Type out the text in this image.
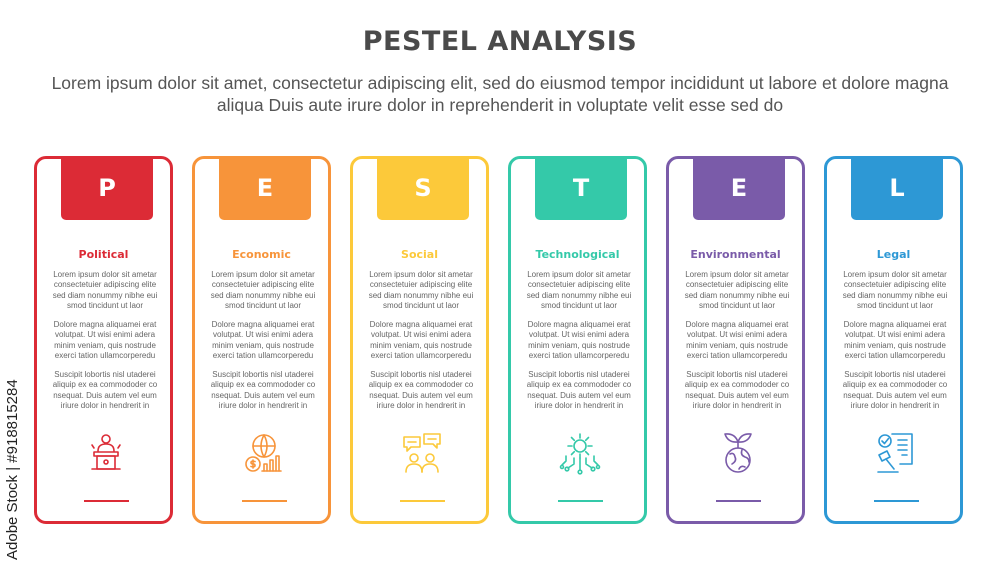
PESTEL ANALYSIS
Lorem ipsum dolor sit amet, consectetur adipiscing elit, sed do eiusmod tempor incididunt ut labore et dolore magna aliqua Duis aute irure dolor in reprehenderit in voluptate velit esse sed do
Adobe Stock | #918815284
P
Political
Lorem ipsum dolor sit ametar consectetuier adipiscing elite sed diam nonummy nibhe eui smod tincidunt ut laor
Dolore magna aliquamei erat volutpat. Ut wisi enimi adera minim veniam, quis nostrude exerci tation ullamcorperedu
Suscipit lobortis nisl utaderei aliquip ex ea commododer co nsequat. Duis autem vel eum iriure dolor in hendrerit in
E
Economic
Lorem ipsum dolor sit ametar consectetuier adipiscing elite sed diam nonummy nibhe eui smod tincidunt ut laor
Dolore magna aliquamei erat volutpat. Ut wisi enimi adera minim veniam, quis nostrude exerci tation ullamcorperedu
Suscipit lobortis nisl utaderei aliquip ex ea commododer co nsequat. Duis autem vel eum iriure dolor in hendrerit in
S
Social
Lorem ipsum dolor sit ametar consectetuier adipiscing elite sed diam nonummy nibhe eui smod tincidunt ut laor
Dolore magna aliquamei erat volutpat. Ut wisi enimi adera minim veniam, quis nostrude exerci tation ullamcorperedu
Suscipit lobortis nisl utaderei aliquip ex ea commododer co nsequat. Duis autem vel eum iriure dolor in hendrerit in
T
Technological
Lorem ipsum dolor sit ametar consectetuier adipiscing elite sed diam nonummy nibhe eui smod tincidunt ut laor
Dolore magna aliquamei erat volutpat. Ut wisi enimi adera minim veniam, quis nostrude exerci tation ullamcorperedu
Suscipit lobortis nisl utaderei aliquip ex ea commododer co nsequat. Duis autem vel eum iriure dolor in hendrerit in
E
Environmental
Lorem ipsum dolor sit ametar consectetuier adipiscing elite sed diam nonummy nibhe eui smod tincidunt ut laor
Dolore magna aliquamei erat volutpat. Ut wisi enimi adera minim veniam, quis nostrude exerci tation ullamcorperedu
Suscipit lobortis nisl utaderei aliquip ex ea commododer co nsequat. Duis autem vel eum iriure dolor in hendrerit in
L
Legal
Lorem ipsum dolor sit ametar consectetuier adipiscing elite sed diam nonummy nibhe eui smod tincidunt ut laor
Dolore magna aliquamei erat volutpat. Ut wisi enimi adera minim veniam, quis nostrude exerci tation ullamcorperedu
Suscipit lobortis nisl utaderei aliquip ex ea commododer co nsequat. Duis autem vel eum iriure dolor in hendrerit in
